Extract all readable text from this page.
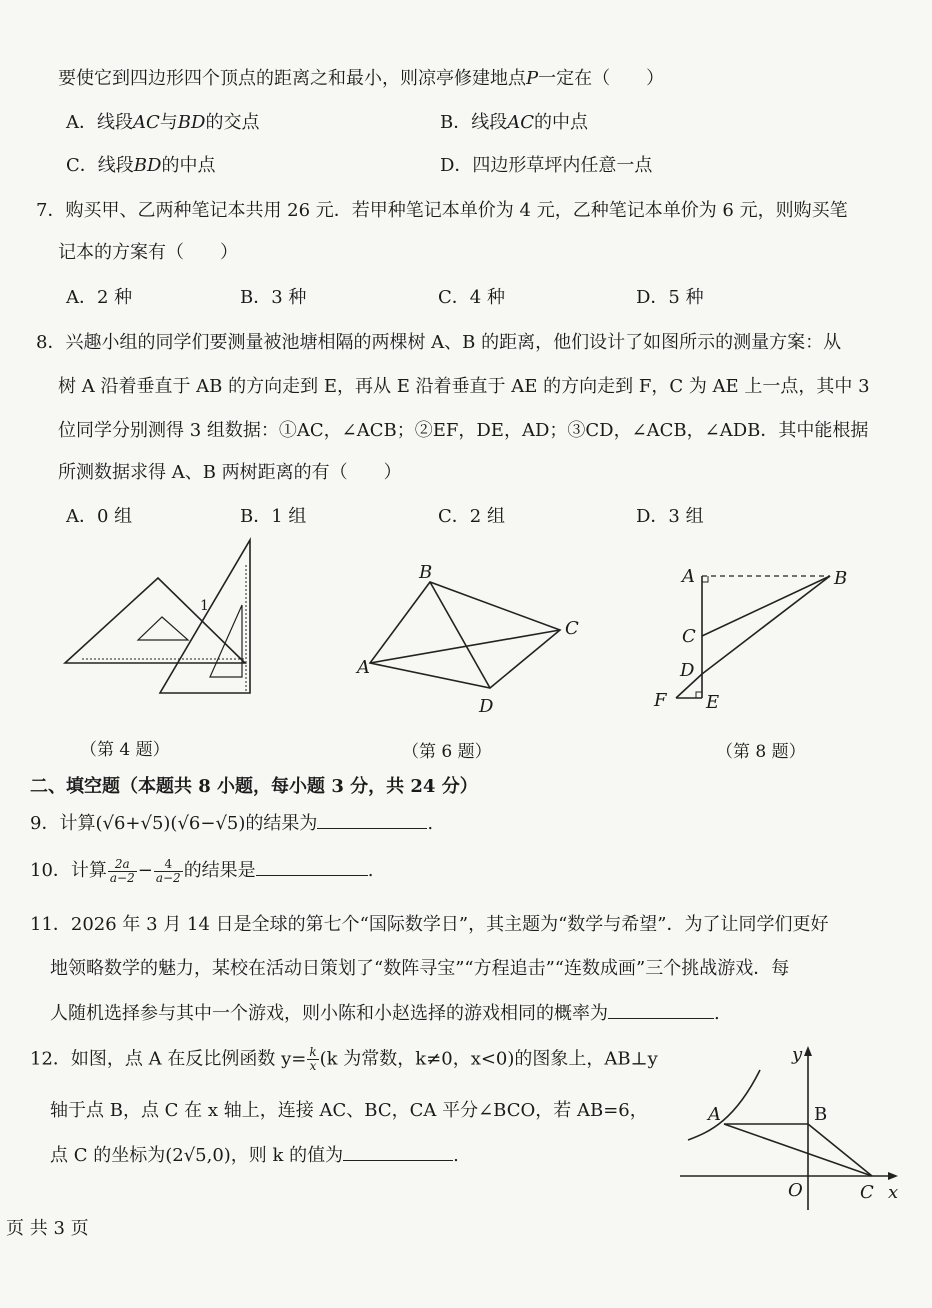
要使它到四边形四个顶点的距离之和最小，则凉亭修建地点P一定在（　　）
A．线段AC与BD的交点	B．线段AC的中点
C．线段BD的中点	D．四边形草坪内任意一点
7．购买甲、乙两种笔记本共用 26 元．若甲种笔记本单价为 4 元，乙种笔记本单价为 6 元，则购买笔
记本的方案有（　　）
A．2 种	B．3 种	C．4 种	D．5 种
8．兴趣小组的同学们要测量被池塘相隔的两棵树 A、B 的距离，他们设计了如图所示的测量方案：从
树 A 沿着垂直于 AB 的方向走到 E，再从 E 沿着垂直于 AE 的方向走到 F，C 为 AE 上一点，其中 3
位同学分别测得 3 组数据：①AC，∠ACB；②EF，DE，AD；③CD，∠ACB，∠ADB．其中能根据
所测数据求得 A、B 两树距离的有（　　）
A．0 组	B．1 组	C．2 组	D．3 组
1
（第 4 题）
B
C
A
D
（第 6 题）
A	B
C
D
F E
（第 8 题）
二、填空题（本题共 8 小题，每小题 3 分，共 24 分）
9．计算(√6+√5)(√6−√5)的结果为	.
10．计算 $\frac{2a}{a-2} - \frac{4}{a-2}$ 的结果是	.
11．2026 年 3 月 14 日是全球的第七个“国际数学日”，其主题为“数学与希望”．为了让同学们更好
地领略数学的魅力，某校在活动日策划了“数阵寻宝”“方程追击”“连数成画”三个挑战游戏．每
人随机选择参与其中一个游戏，则小陈和小赵选择的游戏相同的概率为	.
12．如图，点 A 在反比例函数 $y= \frac{k}{x} (k$ 为常数，k≠0，x<0)的图象上，AB⊥y
轴于点 B，点 C 在 x 轴上，连接 AC、BC，CA 平分∠BCO，若 AB=6，
点 C 的坐标为(2√5,0)，则 k 的值为	.
y
A	B
O	C x
页 共 3 页
